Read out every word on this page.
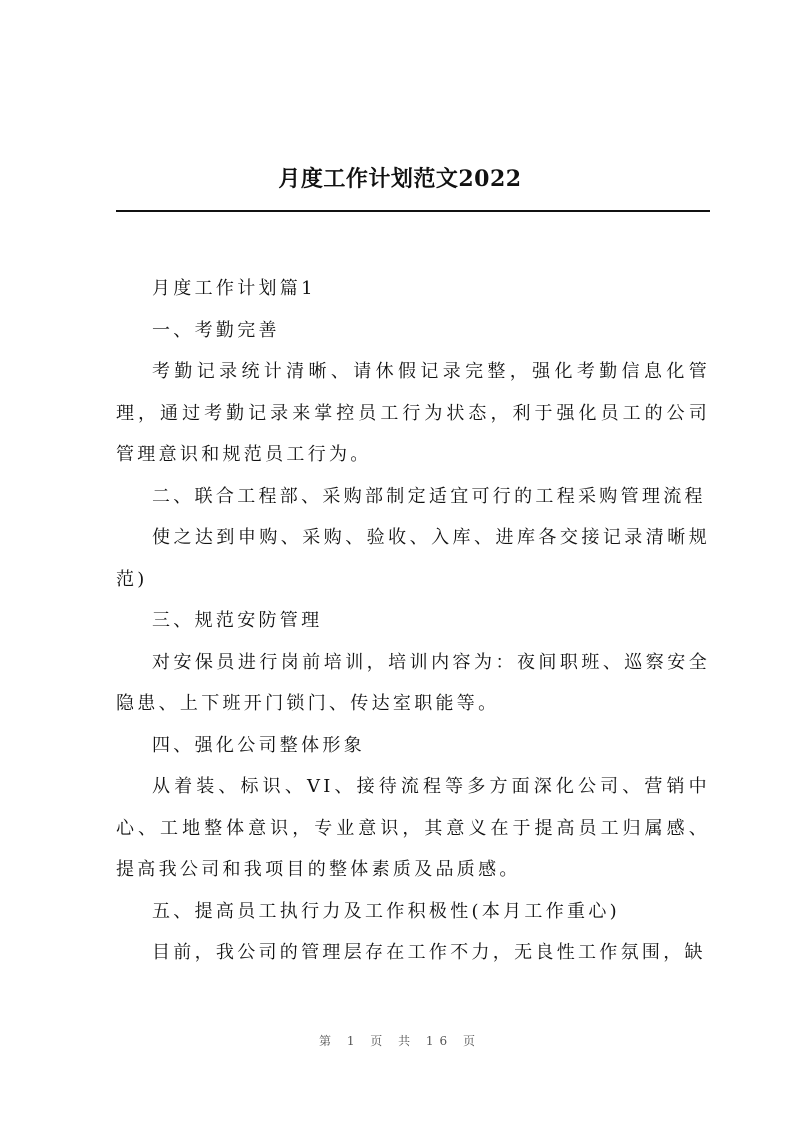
月度工作计划范文2022

月度工作计划篇1

一、考勤完善

考勤记录统计清晰、请休假记录完整，强化考勤信息化管理，通过考勤记录来掌控员工行为状态，利于强化员工的公司管理意识和规范员工行为。

二、联合工程部、采购部制定适宜可行的工程采购管理流程

使之达到申购、采购、验收、入库、进库各交接记录清晰规范)

三、规范安防管理

对安保员进行岗前培训，培训内容为：夜间职班、巡察安全隐患、上下班开门锁门、传达室职能等。

四、强化公司整体形象

从着装、标识、VI、接待流程等多方面深化公司、营销中心、工地整体意识，专业意识，其意义在于提高员工归属感、提高我公司和我项目的整体素质及品质感。

五、提高员工执行力及工作积极性(本月工作重心)

目前，我公司的管理层存在工作不力，无良性工作氛围，缺

第 1 页 共 16 页
